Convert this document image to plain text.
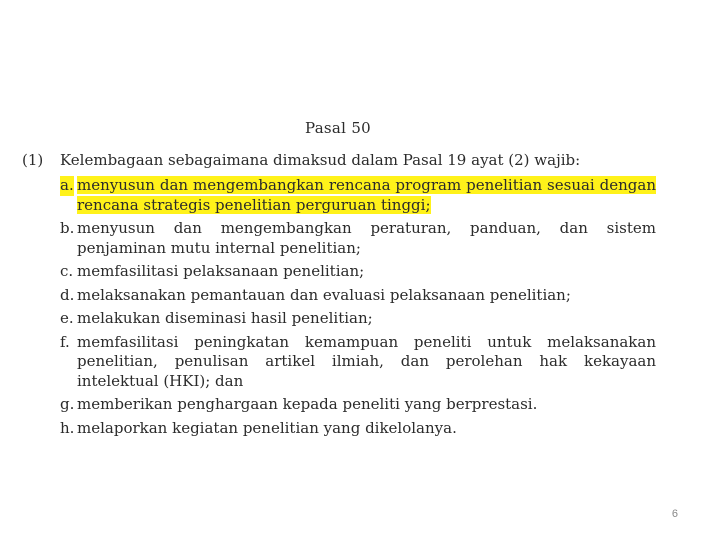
Pasal 50
(1) Kelembagaan sebagaimana dimaksud dalam Pasal 19 ayat (2) wajib:
a. menyusun dan mengembangkan rencana program penelitian sesuai dengan rencana strategis penelitian perguruan tinggi;
b. menyusun dan mengembangkan peraturan, panduan, dan sistem penjaminan mutu internal penelitian;
c. memfasilitasi pelaksanaan penelitian;
d. melaksanakan pemantauan dan evaluasi pelaksanaan penelitian;
e. melakukan diseminasi hasil penelitian;
f. memfasilitasi peningkatan kemampuan peneliti untuk melaksanakan penelitian, penulisan artikel ilmiah, dan perolehan hak kekayaan intelektual (HKI); dan
g. memberikan penghargaan kepada peneliti yang berprestasi.
h. melaporkan kegiatan penelitian yang dikelolanya.
6
